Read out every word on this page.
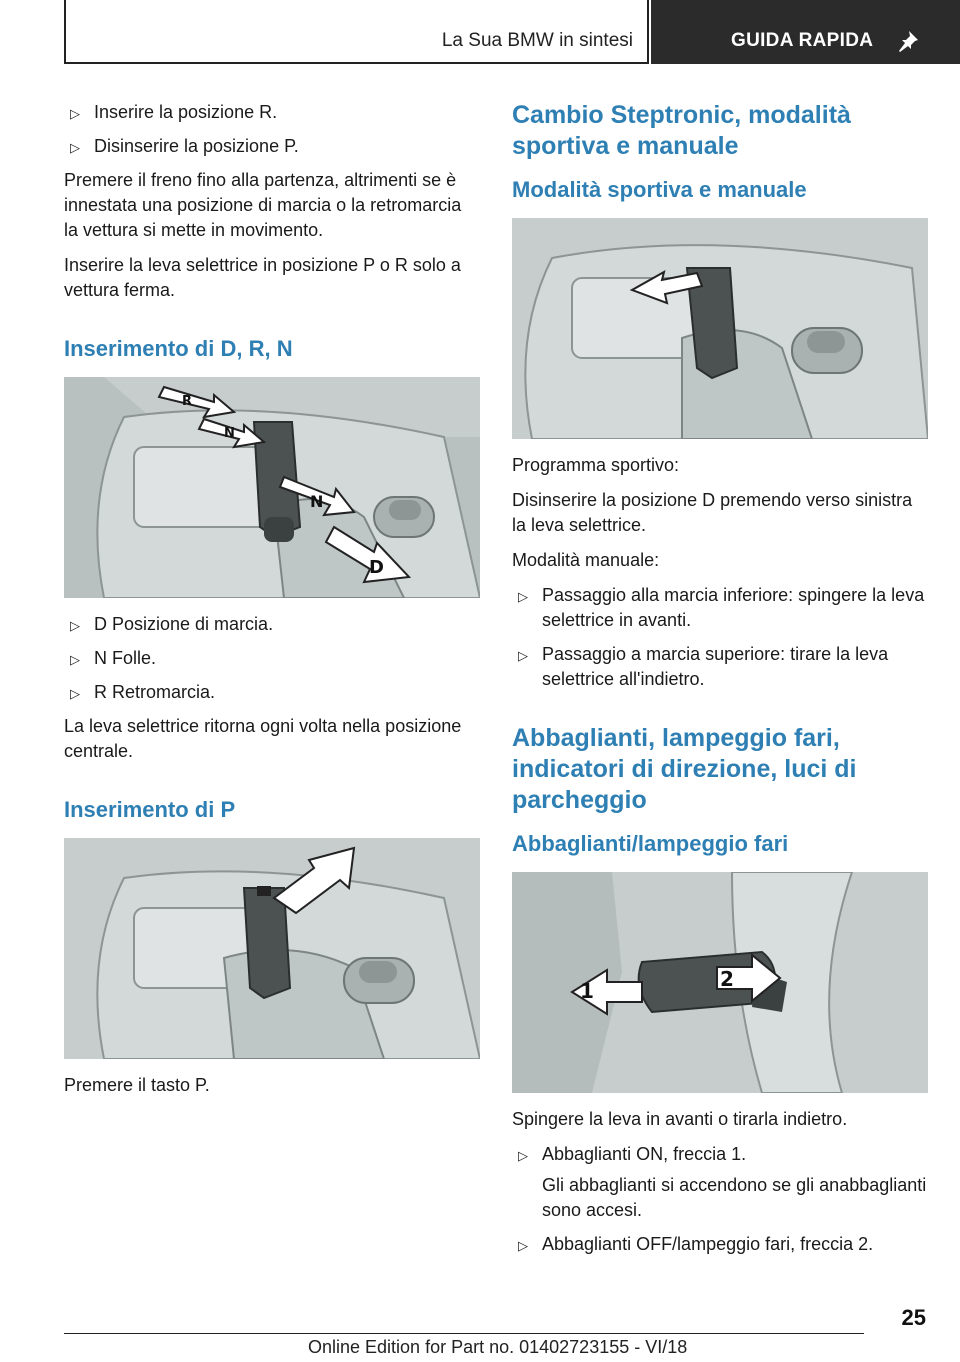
La Sua BMW in sintesi	GUIDA RAPIDA
▷ Inserire la posizione R.
▷ Disinserire la posizione P.

Premere il freno fino alla partenza, altrimenti se è innestata una posizione di marcia o la retromarcia la vettura si mette in movimento.

Inserire la leva selettrice in posizione P o R solo a vettura ferma.

Inserimento di D, R, N
R
N
N
D
▷ D Posizione di marcia.
▷ N Folle.
▷ R Retromarcia.

La leva selettrice ritorna ogni volta nella posizione centrale.

Inserimento di P

Premere il tasto P.

Cambio Steptronic, modalità sportiva e manuale
Modalità sportiva e manuale

Programma sportivo:

Disinserire la posizione D premendo verso sinistra la leva selettrice.

Modalità manuale:

▷ Passaggio alla marcia inferiore: spingere la leva selettrice in avanti.
▷ Passaggio a marcia superiore: tirare la leva selettrice all'indietro.
Abbaglianti, lampeggio fari, indicatori di direzione, luci di parcheggio
Abbaglianti/lampeggio fari
1	2

Spingere la leva in avanti o tirarla indietro.

▷ Abbaglianti ON, freccia 1.
Gli abbaglianti si accendono se gli anabbaglianti sono accesi.
▷ Abbaglianti OFF/lampeggio fari, freccia 2.
25
Online Edition for Part no. 01402723155 - VI/18
